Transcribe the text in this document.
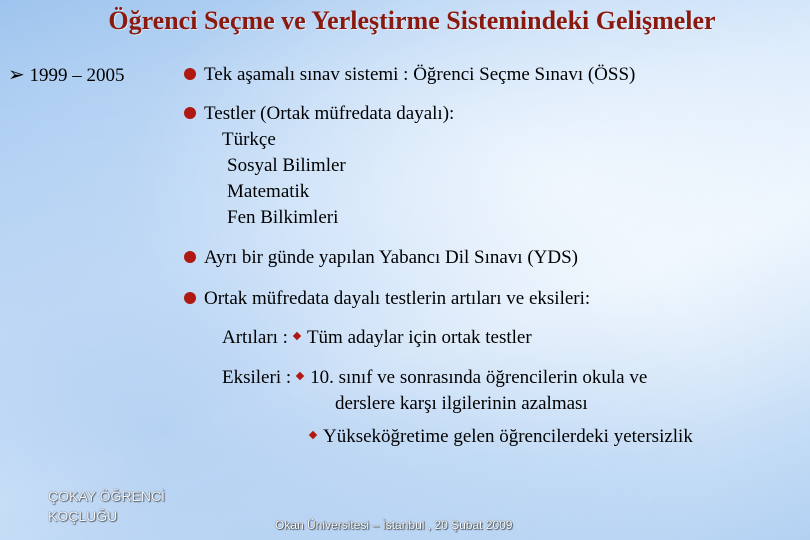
Öğrenci Seçme ve Yerleştirme Sistemindeki Gelişmeler
➢ 1999 – 2005	Tek aşamalı sınav sistemi : Öğrenci Seçme Sınavı (ÖSS)
Testler (Ortak müfredata dayalı):
Türkçe
Sosyal Bilimler
Matematik
Fen Bilkimleri
Ayrı bir günde yapılan Yabancı Dil Sınavı (YDS)
Ortak müfredata dayalı testlerin artıları ve eksileri:
Artıları : Tüm adaylar için ortak testler
Eksileri : 10. sınıf ve sonrasında öğrencilerin okula ve
derslere karşı ilgilerinin azalması
Yükseköğretime gelen öğrencilerdeki yetersizlik
ÇOKAY ÖĞRENCİ
KOÇLUĞU
Okan Üniversitesi – İstanbul , 20 Şubat 2009
